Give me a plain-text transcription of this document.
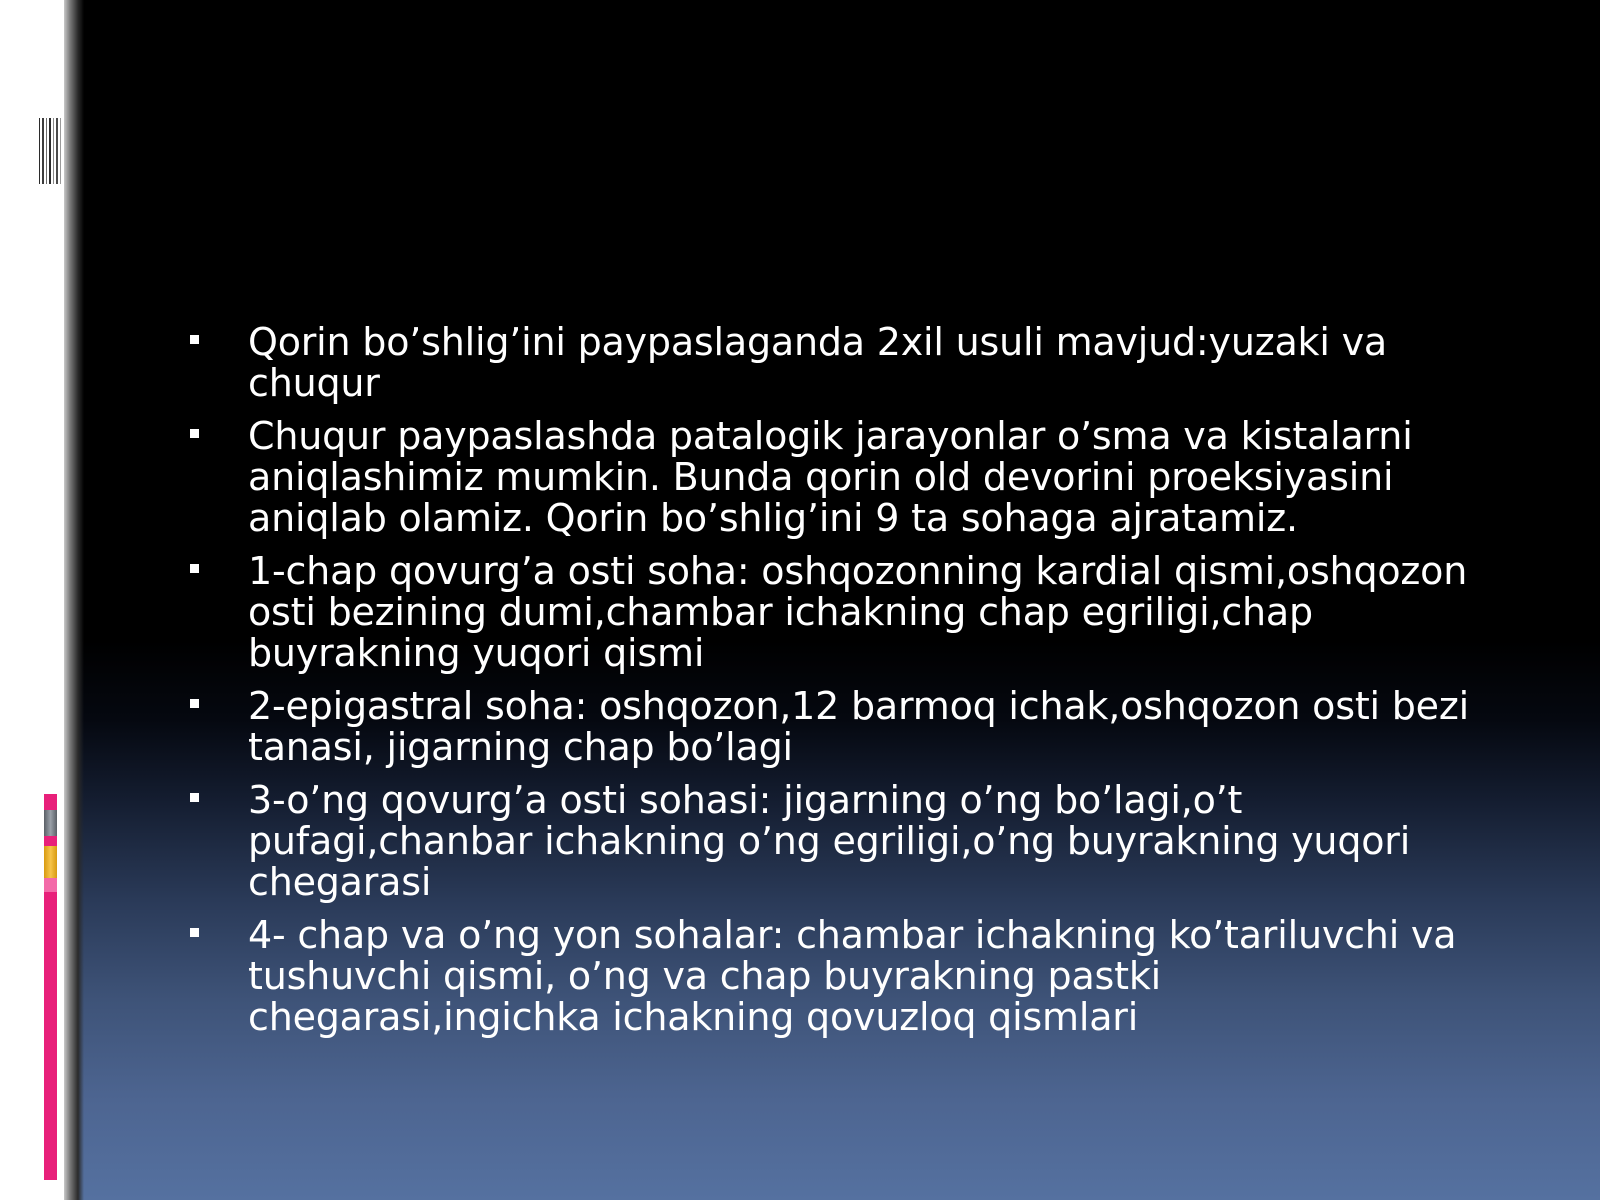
Qorin bo’shlig’ini paypaslaganda 2xil usuli mavjud:yuzaki va chuqur
Chuqur paypaslashda patalogik jarayonlar o’sma va kistalarni aniqlashimiz mumkin. Bunda qorin old devorini proeksiyasini aniqlab olamiz. Qorin bo’shlig’ini 9 ta sohaga ajratamiz.
1-chap qovurg’a osti soha: oshqozonning kardial qismi,oshqozon osti bezining dumi,chambar ichakning chap egriligi,chap buyrakning yuqori qismi
2-epigastral soha: oshqozon,12 barmoq ichak,oshqozon osti bezi tanasi, jigarning chap bo’lagi
3-o’ng qovurg’a osti sohasi: jigarning o’ng bo’lagi,o’t pufagi,chanbar ichakning o’ng egriligi,o’ng buyrakning yuqori chegarasi
4- chap va o’ng yon sohalar: chambar ichakning ko’tariluvchi va tushuvchi qismi, o’ng va chap buyrakning pastki chegarasi,ingichka ichakning qovuzloq qismlari
